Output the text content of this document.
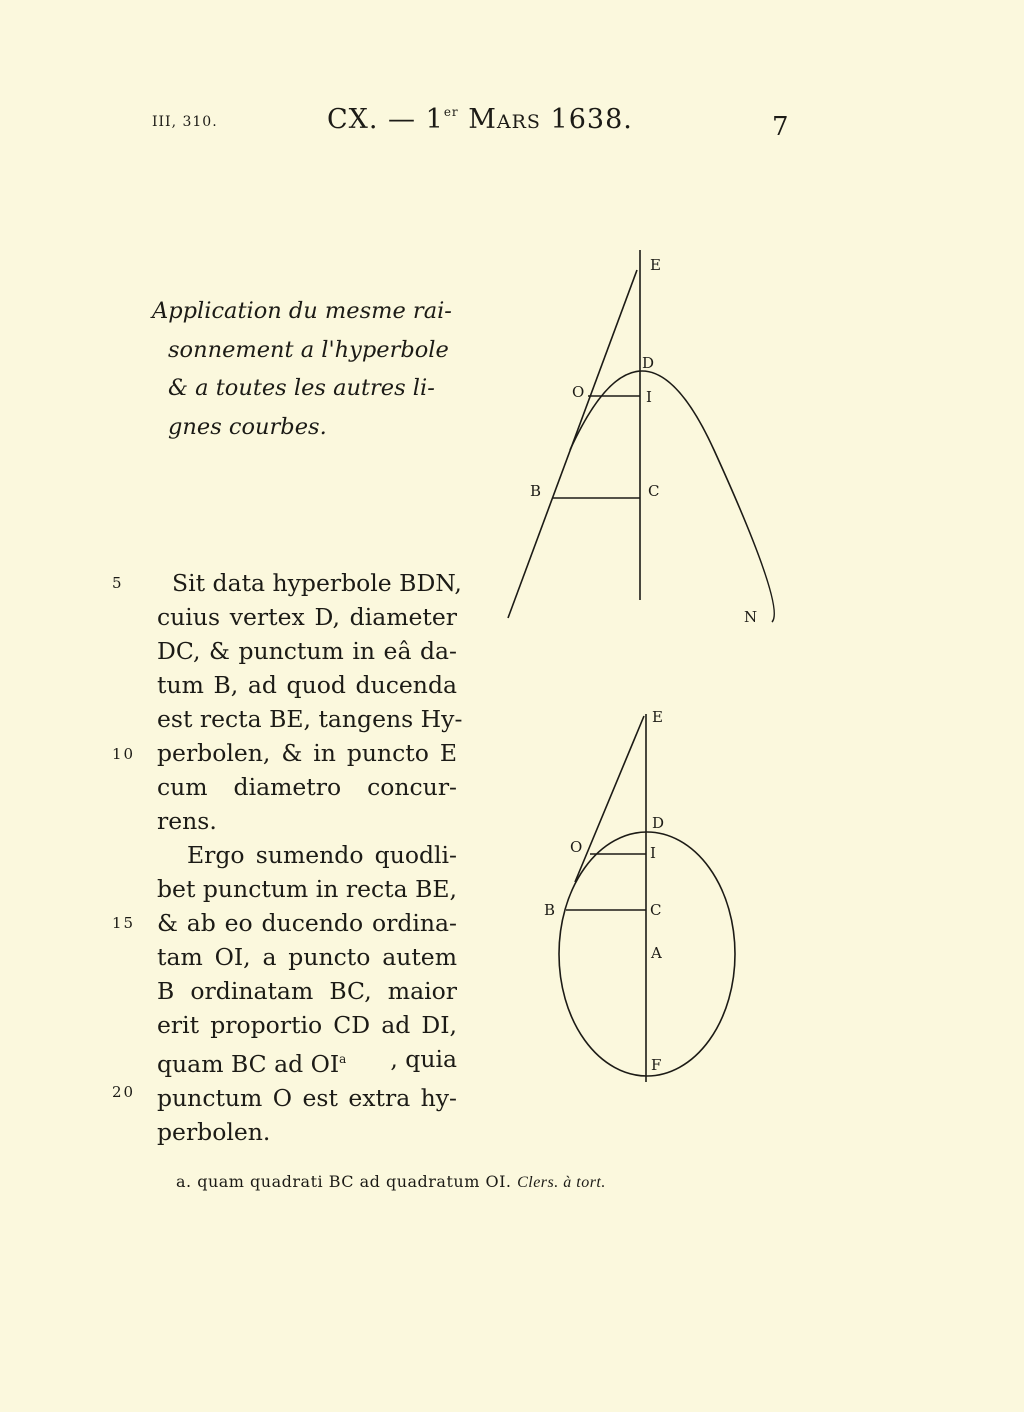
III, 310.	CX. — 1er Mars 1638.	7
Application du mesme rai-
sonnement a l'hyperbole
& a toutes les autres li-
gnes courbes.
5
10
15
20
Sit data hyperbole BDN,
cuius vertex D, diameter
DC, & punctum in eâ da-
tum B, ad quod ducenda
est recta BE, tangens Hy-
perbolen, & in puncto E
cum diametro concur-
rens.
Ergo sumendo quodli-
bet punctum in recta BE,
& ab eo ducendo ordina-
tam OI, a puncto autem
B ordinatam BC, maior
erit proportio CD ad DI,
quam BC ad $OI^a$ , quia
punctum O est extra hy-
perbolen.
a. quam quadrati BC ad quadratum OI. Clers. à tort.
E
D
O	I
B	C
N
E
D
O	I
B	C
A
F
